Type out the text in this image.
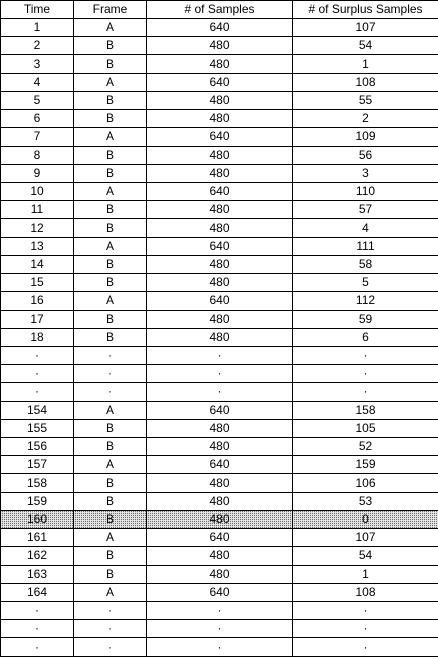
Time	Frame	# of Samples	# of Surplus Samples
1	A	640	107
2	B	480	54
3	B	480	1
4	A	640	108
5	B	480	55
6	B	480	2
7	A	640	109
8	B	480	56
9	B	480	3
10	A	640	110
11	B	480	57
12	B	480	4
13	A	640	111
14	B	480	58
15	B	480	5
16	A	640	112
17	B	480	59
18	B	480	6
·	·	·	·
·	·	·	·
·	·	·	·
154	A	640	158
155	B	480	105
156	B	480	52
157	A	640	159
158	B	480	106
159	B	480	53
160	B	480	0
161	A	640	107
162	B	480	54
163	B	480	1
164	A	640	108
·	·	·	·
·	·	·	·
·	·	·	·
